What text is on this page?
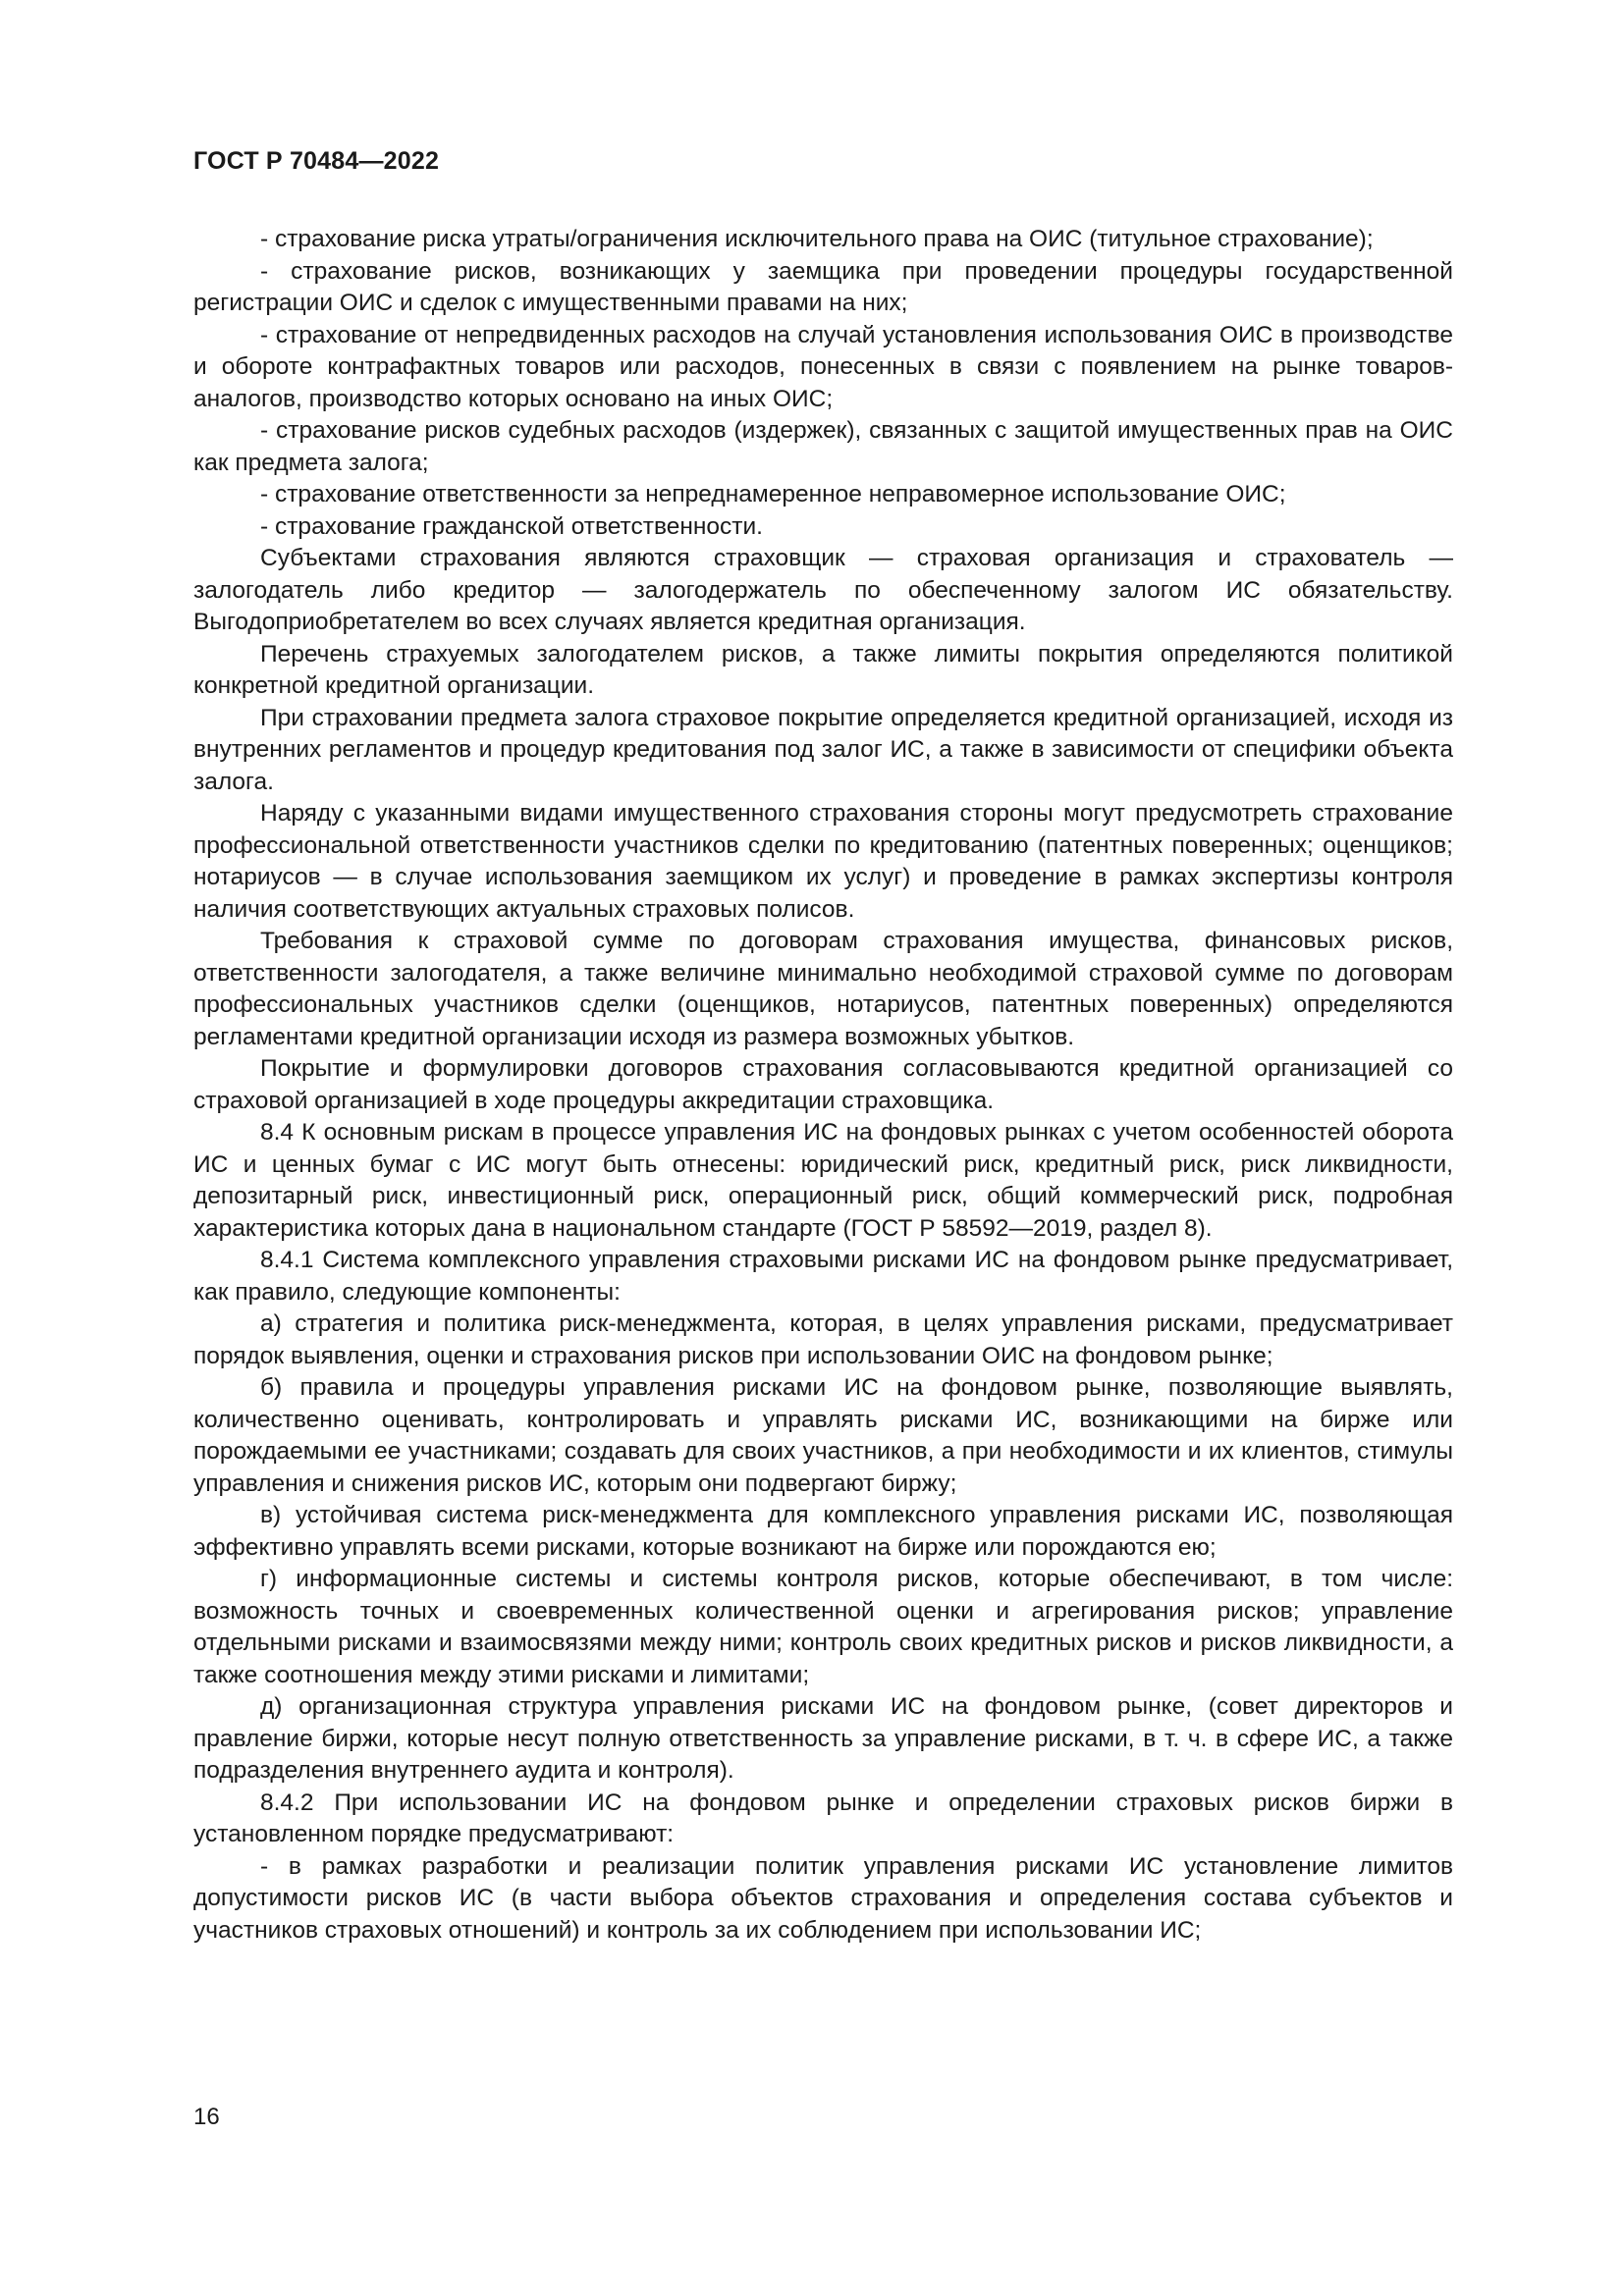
ГОСТ Р 70484—2022

- страхование риска утраты/ограничения исключительного права на ОИС (титульное страхование);

- страхование рисков, возникающих у заемщика при проведении процедуры государственной регистрации ОИС и сделок с имущественными правами на них;

- страхование от непредвиденных расходов на случай установления использования ОИС в производстве и обороте контрафактных товаров или расходов, понесенных в связи с появлением на рынке товаров-аналогов, производство которых основано на иных ОИС;

- страхование рисков судебных расходов (издержек), связанных с защитой имущественных прав на ОИС как предмета залога;

- страхование ответственности за непреднамеренное неправомерное использование ОИС;

- страхование гражданской ответственности.

Субъектами страхования являются страховщик — страховая организация и страхователь — залогодатель либо кредитор — залогодержатель по обеспеченному залогом ИС обязательству. Выгодоприобретателем во всех случаях является кредитная организация.

Перечень страхуемых залогодателем рисков, а также лимиты покрытия определяются политикой конкретной кредитной организации.

При страховании предмета залога страховое покрытие определяется кредитной организацией, исходя из внутренних регламентов и процедур кредитования под залог ИС, а также в зависимости от специфики объекта залога.

Наряду с указанными видами имущественного страхования стороны могут предусмотреть страхование профессиональной ответственности участников сделки по кредитованию (патентных поверенных; оценщиков; нотариусов — в случае использования заемщиком их услуг) и проведение в рамках экспертизы контроля наличия соответствующих актуальных страховых полисов.

Требования к страховой сумме по договорам страхования имущества, финансовых рисков, ответственности залогодателя, а также величине минимально необходимой страховой сумме по договорам профессиональных участников сделки (оценщиков, нотариусов, патентных поверенных) определяются регламентами кредитной организации исходя из размера возможных убытков.

Покрытие и формулировки договоров страхования согласовываются кредитной организацией со страховой организацией в ходе процедуры аккредитации страховщика.

8.4 К основным рискам в процессе управления ИС на фондовых рынках с учетом особенностей оборота ИС и ценных бумаг с ИС могут быть отнесены: юридический риск, кредитный риск, риск ликвидности, депозитарный риск, инвестиционный риск, операционный риск, общий коммерческий риск, подробная характеристика которых дана в национальном стандарте (ГОСТ Р 58592—2019, раздел 8).

8.4.1 Система комплексного управления страховыми рисками ИС на фондовом рынке предусматривает, как правило, следующие компоненты:

а) стратегия и политика риск-менеджмента, которая, в целях управления рисками, предусматривает порядок выявления, оценки и страхования рисков при использовании ОИС на фондовом рынке;

б) правила и процедуры управления рисками ИС на фондовом рынке, позволяющие выявлять, количественно оценивать, контролировать и управлять рисками ИС, возникающими на бирже или порождаемыми ее участниками; создавать для своих участников, а при необходимости и их клиентов, стимулы управления и снижения рисков ИС, которым они подвергают биржу;

в) устойчивая система риск-менеджмента для комплексного управления рисками ИС, позволяющая эффективно управлять всеми рисками, которые возникают на бирже или порождаются ею;

г) информационные системы и системы контроля рисков, которые обеспечивают, в том числе: возможность точных и своевременных количественной оценки и агрегирования рисков; управление отдельными рисками и взаимосвязями между ними; контроль своих кредитных рисков и рисков ликвидности, а также соотношения между этими рисками и лимитами;

д) организационная структура управления рисками ИС на фондовом рынке, (совет директоров и правление биржи, которые несут полную ответственность за управление рисками, в т. ч. в сфере ИС, а также подразделения внутреннего аудита и контроля).

8.4.2 При использовании ИС на фондовом рынке и определении страховых рисков биржи в установленном порядке предусматривают:

- в рамках разработки и реализации политик управления рисками ИС установление лимитов допустимости рисков ИС (в части выбора объектов страхования и определения состава субъектов и участников страховых отношений) и контроль за их соблюдением при использовании ИС;

16
